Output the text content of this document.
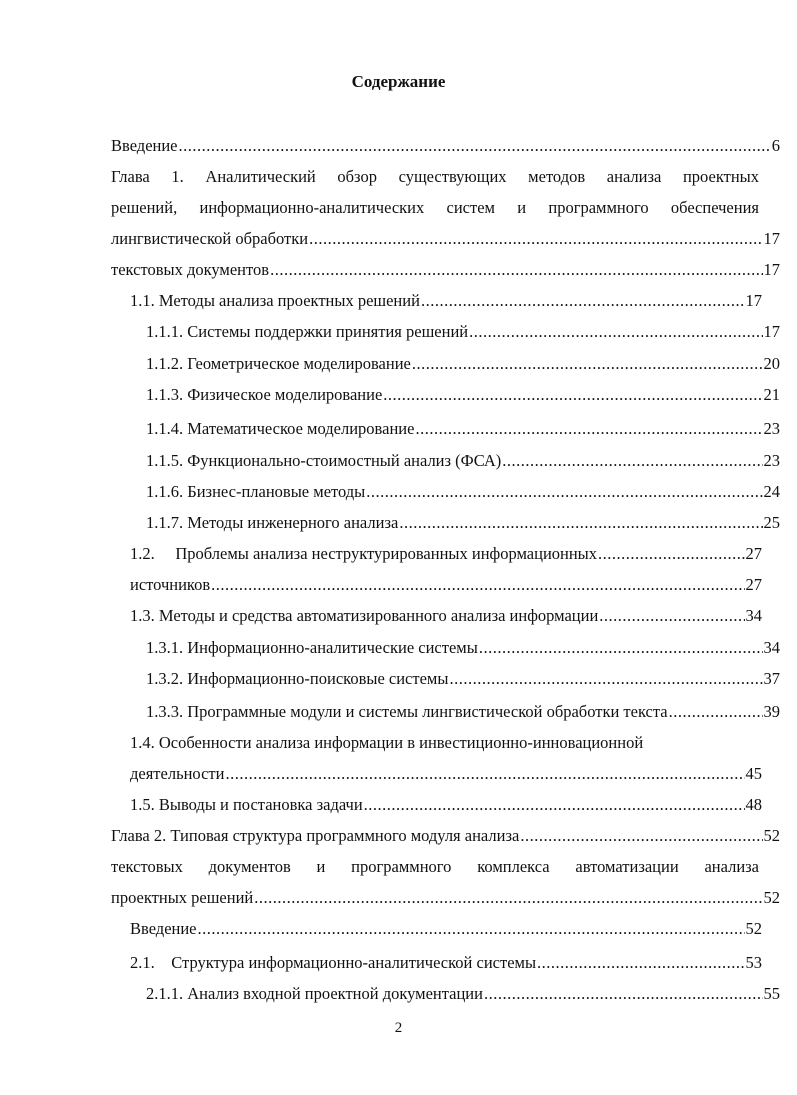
Содержание
Введение .....	6
Глава 1. Аналитический обзор существующих методов анализа проектных
решений, информационно-аналитических систем и программного обеспечения
лингвистической обработки .....	17
текстовых документов .....	17
1.1. Методы анализа проектных решений .....	17
1.1.1. Системы поддержки принятия решений .....	17
1.1.2. Геометрическое моделирование .....	20
1.1.3. Физическое моделирование .....	21
1.1.4. Математическое моделирование .....	23
1.1.5. Функционально-стоимостный анализ (ФСА) .....	23
1.1.6. Бизнес-плановые методы .....	24
1.1.7. Методы инженерного анализа .....	25
1.2.     Проблемы анализа неструктурированных информационных .....	27
источников .....	27
1.3. Методы и средства автоматизированного анализа информации .....	34
1.3.1. Информационно-аналитические системы .....	34
1.3.2. Информационно-поисковые системы .....	37
1.3.3. Программные модули и системы лингвистической обработки текста .....	39
1.4. Особенности анализа информации в инвестиционно-инновационной
деятельности .....	45
1.5. Выводы и постановка задачи .....	48
Глава 2. Типовая структура программного модуля анализа .....	52
текстовых документов и программного комплекса автоматизации анализа
проектных решений .....	52
Введение .....	52
2.1.    Структура информационно-аналитической системы .....	53
2.1.1. Анализ входной проектной документации .....	55
2
